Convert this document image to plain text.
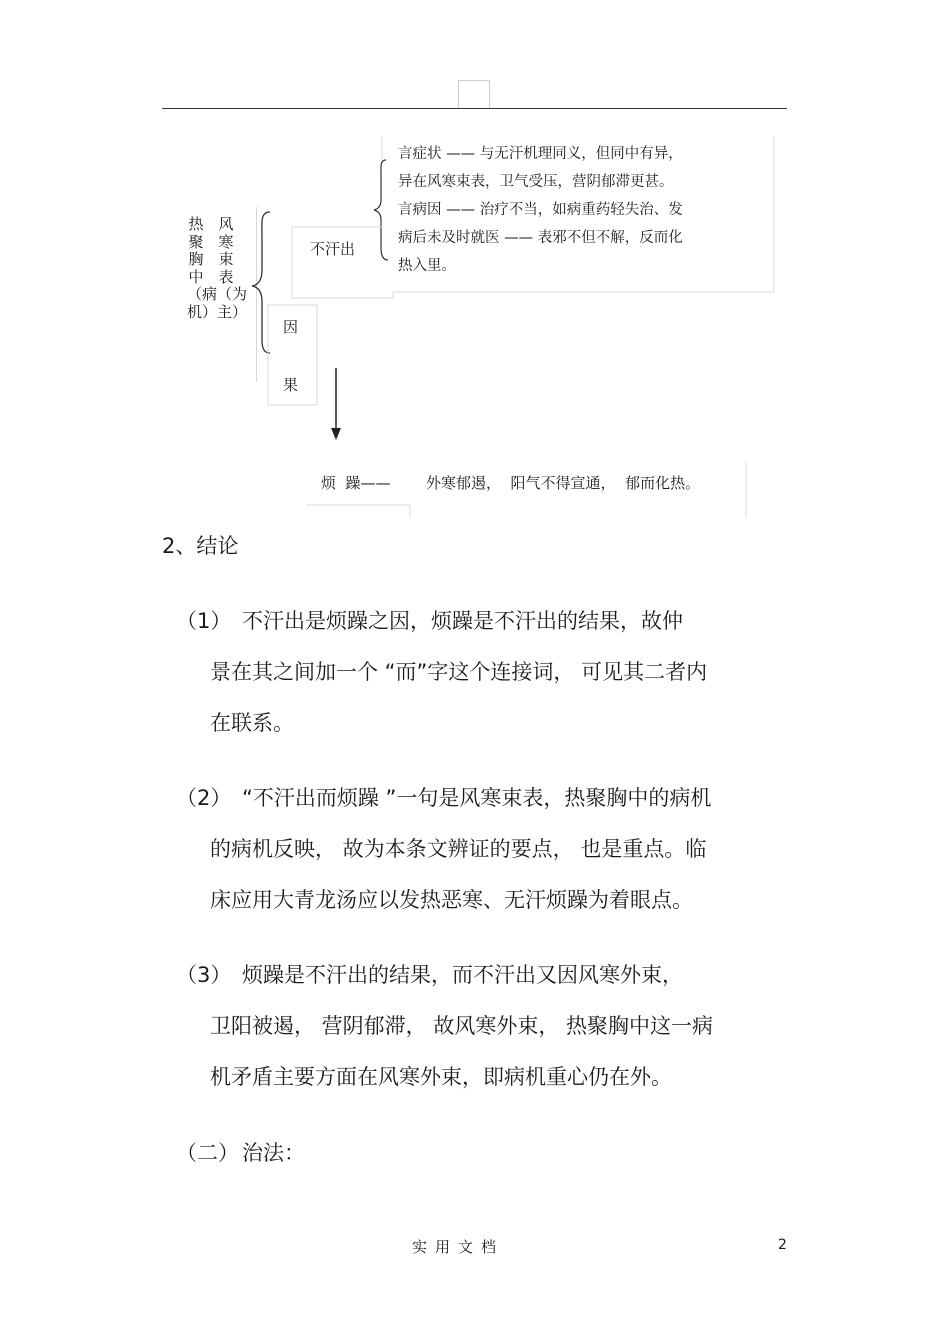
热聚胸中（病机）
风寒束表（为主）
不汗出
言症状 —— 与无汗机理同义，但同中有异，
异在风寒束表，卫气受压，营阴郁滞更甚。
言病因 —— 治疗不当，如病重药轻失治、发
病后未及时就医 —— 表邪不但不解，反而化
热入里。
因
果
烦  躁—— 外寒郁遏，  阳气不得宣通，  郁而化热。
2、结论
（1） 不汗出是烦躁之因，烦躁是不汗出的结果，故仲
景在其之间加一个 “而”字这个连接词， 可见其二者内
在联系。
（2） “不汗出而烦躁 ”一句是风寒束表，热聚胸中的病机
的病机反映， 故为本条文辨证的要点， 也是重点。临
床应用大青龙汤应以发热恶寒、无汗烦躁为着眼点。
（3） 烦躁是不汗出的结果，而不汗出又因风寒外束，
卫阳被遏， 营阴郁滞， 故风寒外束， 热聚胸中这一病
机矛盾主要方面在风寒外束，即病机重心仍在外。
（二） 治法：
实用文档	2
